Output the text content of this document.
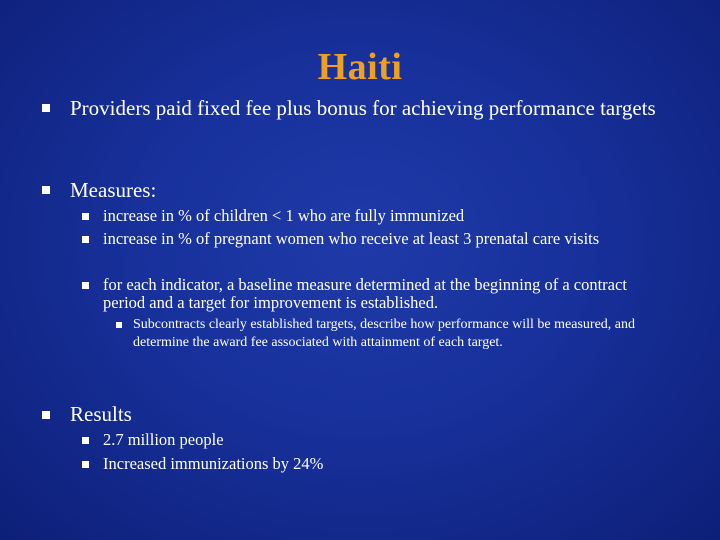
Haiti
Providers paid fixed fee plus bonus for achieving performance targets
Measures:
increase in % of children < 1 who are fully immunized
increase in % of pregnant women who receive at least 3 prenatal care visits
for each indicator, a baseline measure determined at the beginning of a contract period and a target for improvement is established.
Subcontracts clearly established targets, describe how performance will be measured, and determine the award fee associated with attainment of each target.
Results
2.7 million people
Increased immunizations by 24%
